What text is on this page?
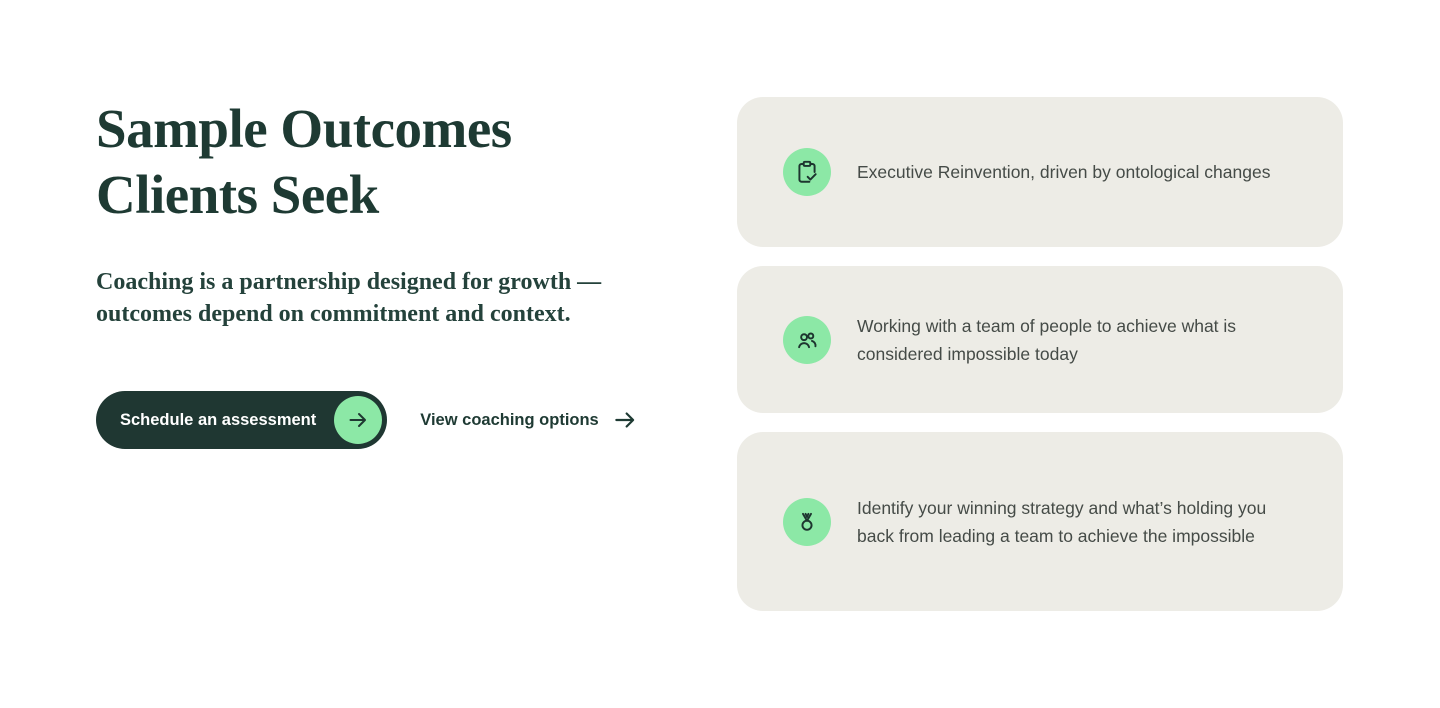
Sample Outcomes
Clients Seek

Coaching is a partnership designed for growth —
outcomes depend on commitment and context.

Schedule an assessment	View coaching options

Executive Reinvention, driven by ontological changes

Working with a team of people to achieve what is considered impossible today

Identify your winning strategy and what’s holding you back from leading a team to achieve the impossible
